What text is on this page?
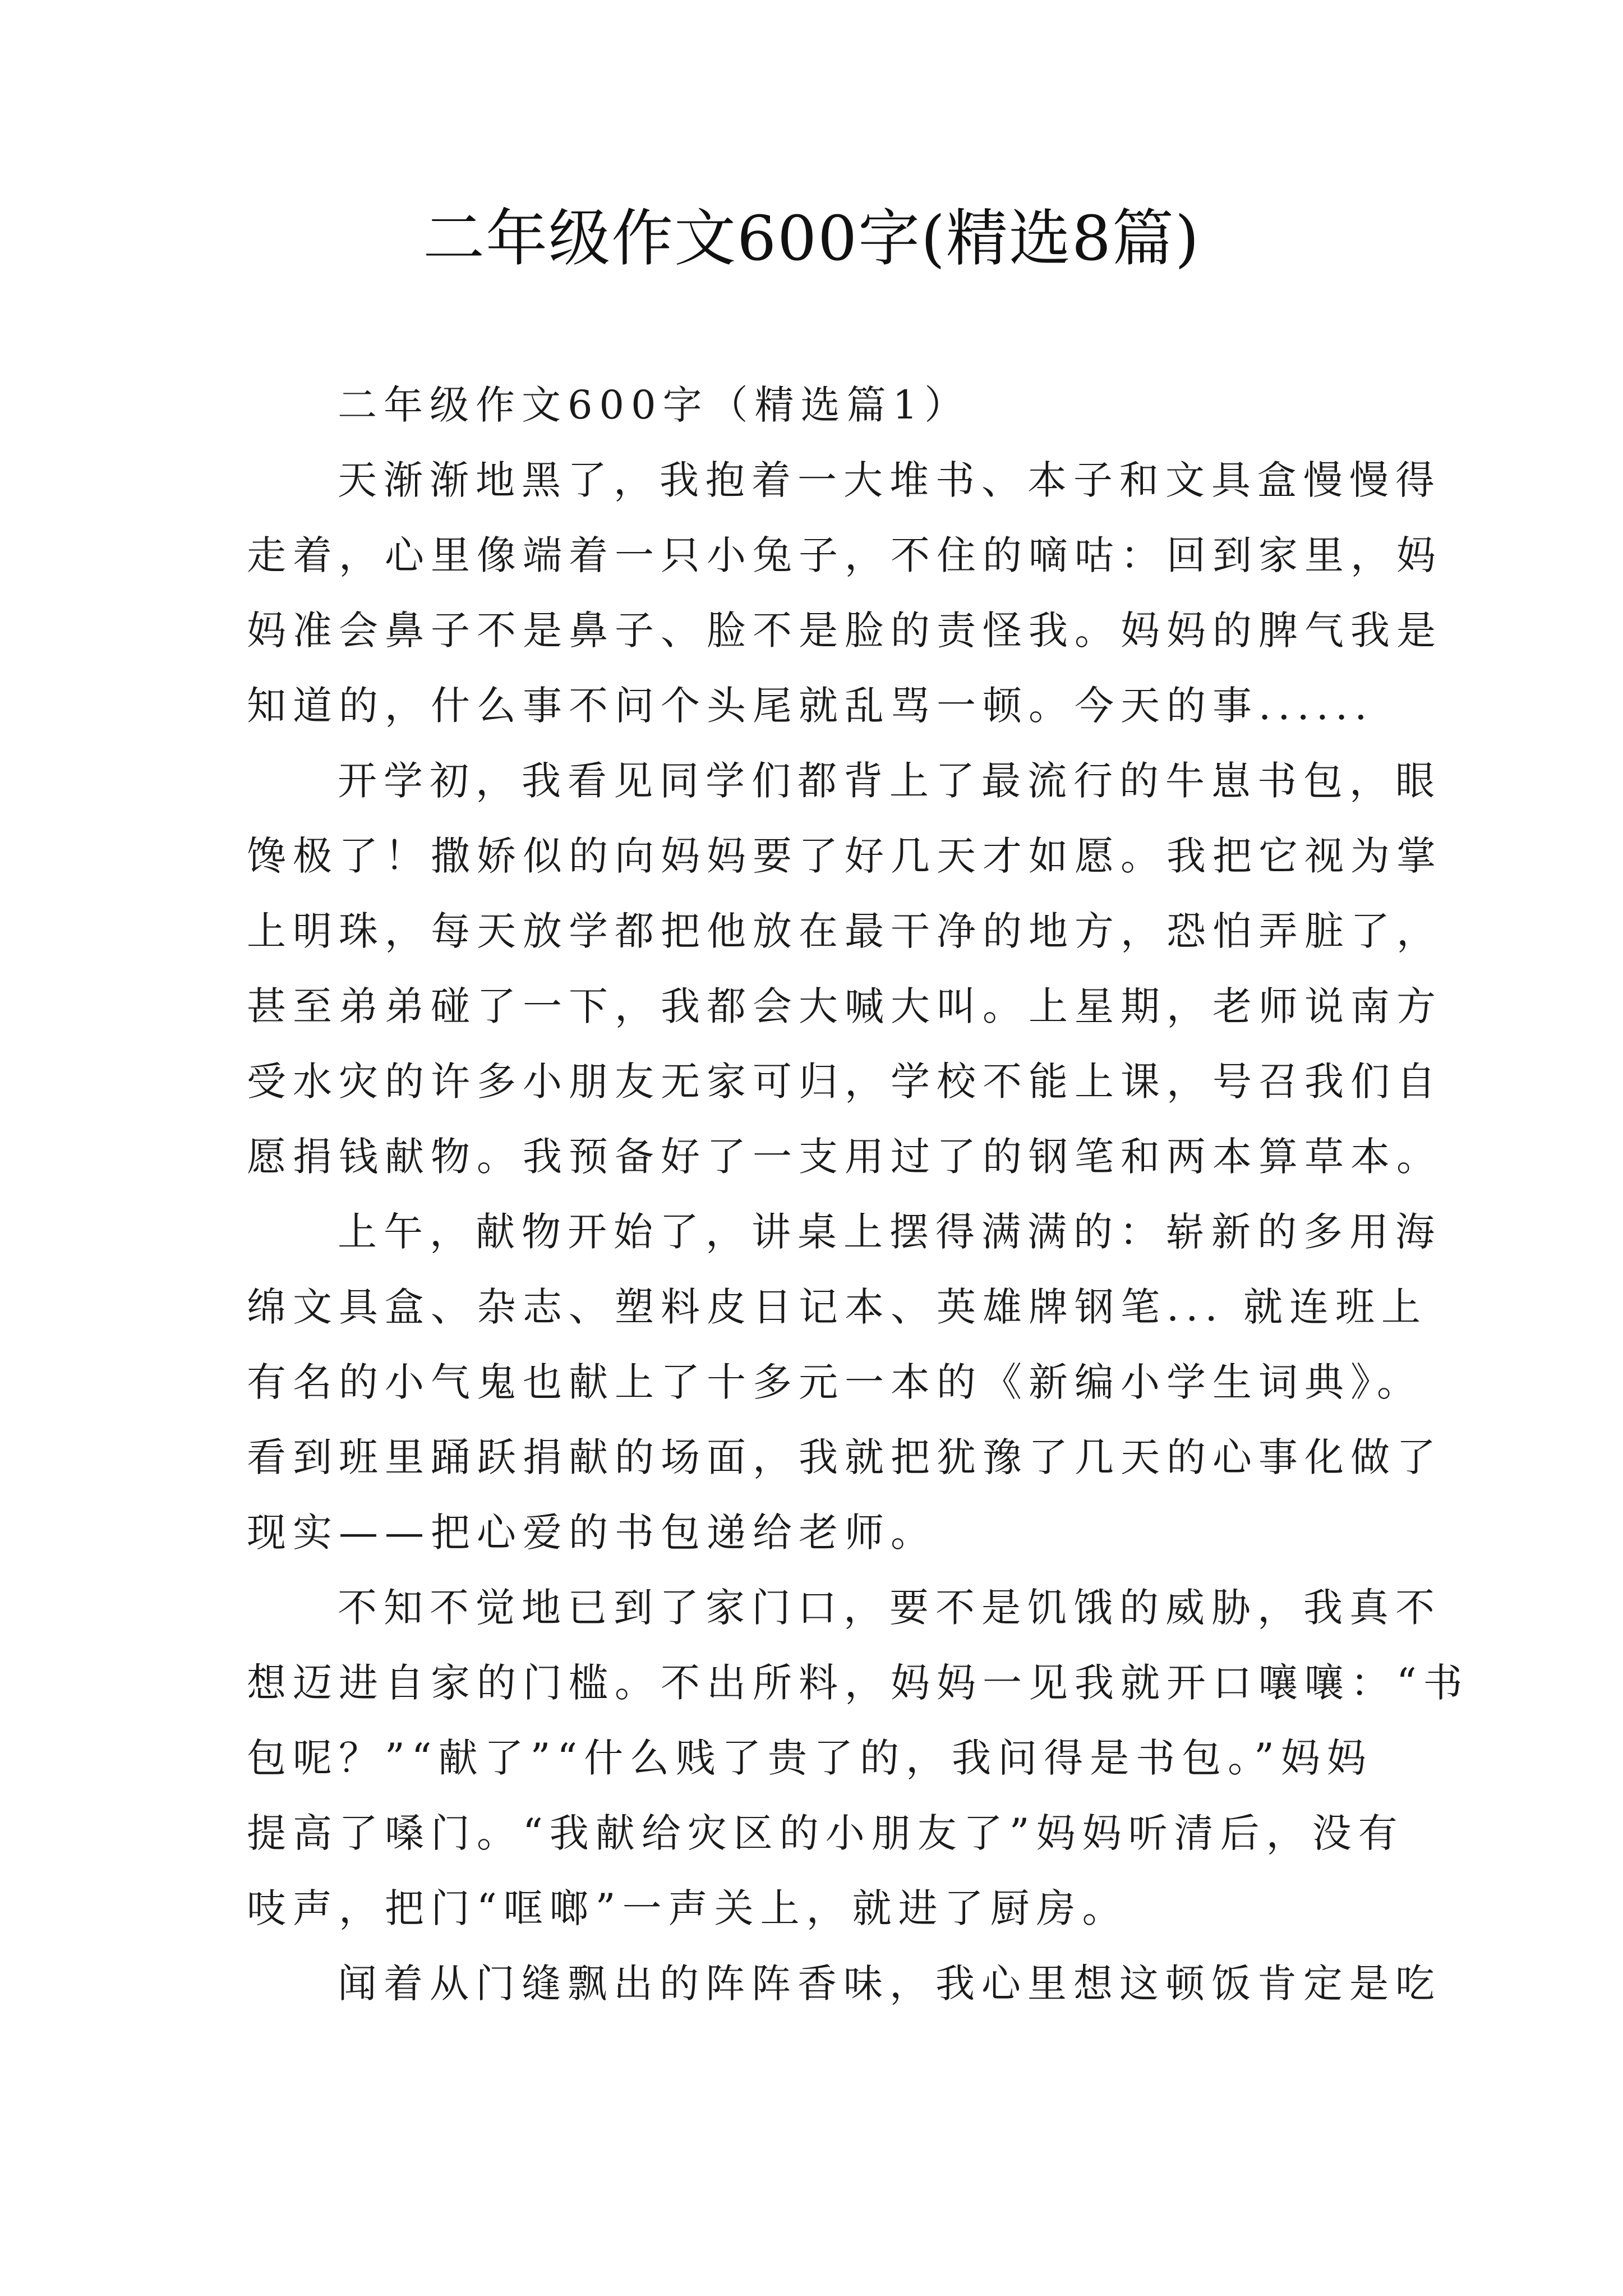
二年级作文600字(精选8篇)
二年级作文600字（精选篇1）
天渐渐地黑了，我抱着一大堆书、本子和文具盒慢慢得
走着，心里像端着一只小兔子，不住的嘀咕：回到家里，妈
妈准会鼻子不是鼻子、脸不是脸的责怪我。妈妈的脾气我是
知道的，什么事不问个头尾就乱骂一顿。今天的事......
开学初，我看见同学们都背上了最流行的牛崽书包，眼
馋极了！撒娇似的向妈妈要了好几天才如愿。我把它视为掌
上明珠，每天放学都把他放在最干净的地方，恐怕弄脏了，
甚至弟弟碰了一下，我都会大喊大叫。上星期，老师说南方
受水灾的许多小朋友无家可归，学校不能上课，号召我们自
愿捐钱献物。我预备好了一支用过了的钢笔和两本算草本。
上午，献物开始了，讲桌上摆得满满的：崭新的多用海
绵文具盒、杂志、塑料皮日记本、英雄牌钢笔... 就连班上
有名的小气鬼也献上了十多元一本的《新编小学生词典》。
看到班里踊跃捐献的场面，我就把犹豫了几天的心事化做了
现实——把心爱的书包递给老师。
不知不觉地已到了家门口，要不是饥饿的威胁，我真不
想迈进自家的门槛。不出所料，妈妈一见我就开口嚷嚷：“书
包呢？”“献了”“什么贱了贵了的，我问得是书包。”妈妈
提高了嗓门。“我献给灾区的小朋友了”妈妈听清后，没有
吱声，把门“哐啷”一声关上，就进了厨房。
闻着从门缝飘出的阵阵香味，我心里想这顿饭肯定是吃
